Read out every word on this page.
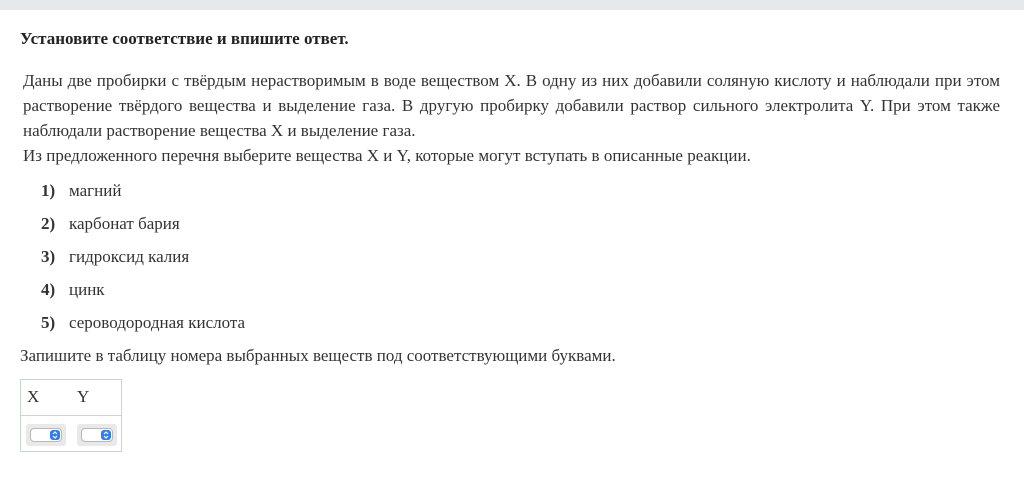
Установите соответствие и впишите ответ.

Даны две пробирки с твёрдым нерастворимым в воде веществом X. В одну из них добавили соляную кислоту и наблюдали при этом растворение твёрдого вещества и выделение газа. В другую пробирку добавили раствор сильного электролита Y. При этом также наблюдали растворение вещества X и выделение газа.

Из предложенного перечня выберите вещества X и Y, которые могут вступать в описанные реакции.

1) магний
2) карбонат бария
3) гидроксид калия
4) цинк
5) сероводородная кислота
Запишите в таблицу номера выбранных веществ под соответствующими буквами.
X Y
